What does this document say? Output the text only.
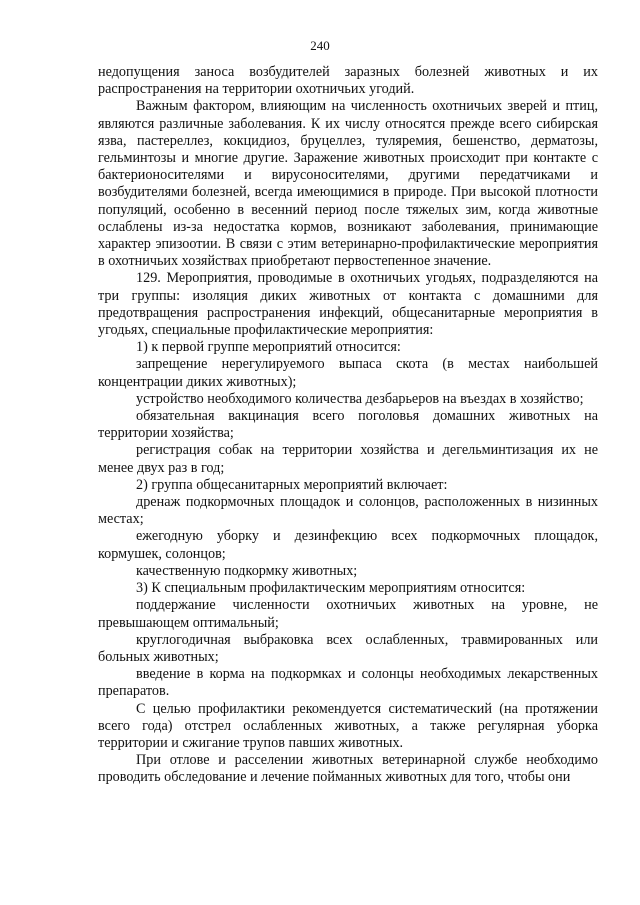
240

недопущения заноса возбудителей заразных болезней животных и их распространения на территории охотничьих угодий.

Важным фактором, влияющим на численность охотничьих зверей и птиц, являются различные заболевания. К их числу относятся прежде всего сибирская язва, пастереллез, кокцидиоз, бруцеллез, туляремия, бешенство, дерматозы, гельминтозы и многие другие. Заражение животных происходит при контакте с бактерионосителями и вирусоносителями, другими передатчиками и возбудителями болезней, всегда имеющимися в природе. При высокой плотности популяций, особенно в весенний период после тяжелых зим, когда животные ослаблены из-за недостатка кормов, возникают заболевания, принимающие характер эпизоотии. В связи с этим ветеринарно-профилактические мероприятия в охотничьих хозяйствах приобретают первостепенное значение.

129. Мероприятия, проводимые в охотничьих угодьях, подразделяются на три группы: изоляция диких животных от контакта с домашними для предотвращения распространения инфекций, общесанитарные мероприятия в угодьях, специальные профилактические мероприятия:

1) к первой группе мероприятий относится:

запрещение нерегулируемого выпаса скота (в местах наибольшей концентрации диких животных);

устройство необходимого количества дезбарьеров на въездах в хозяйство;

обязательная вакцинация всего поголовья домашних животных на территории хозяйства;

регистрация собак на территории хозяйства и дегельминтизация их не менее двух раз в год;

2) группа общесанитарных мероприятий включает:

дренаж подкормочных площадок и солонцов, расположенных в низинных местах;

ежегодную уборку и дезинфекцию всех подкормочных площадок, кормушек, солонцов;

качественную подкормку животных;

3) К специальным профилактическим мероприятиям относится:

поддержание численности охотничьих животных на уровне, не превышающем оптимальный;

круглогодичная выбраковка всех ослабленных, травмированных или больных животных;

введение в корма на подкормках и солонцы необходимых лекарственных препаратов.

С целью профилактики рекомендуется систематический (на протяжении всего года) отстрел ослабленных животных, а также регулярная уборка территории и сжигание трупов павших животных.

При отлове и расселении животных ветеринарной службе необходимо проводить обследование и лечение пойманных животных для того, чтобы они
